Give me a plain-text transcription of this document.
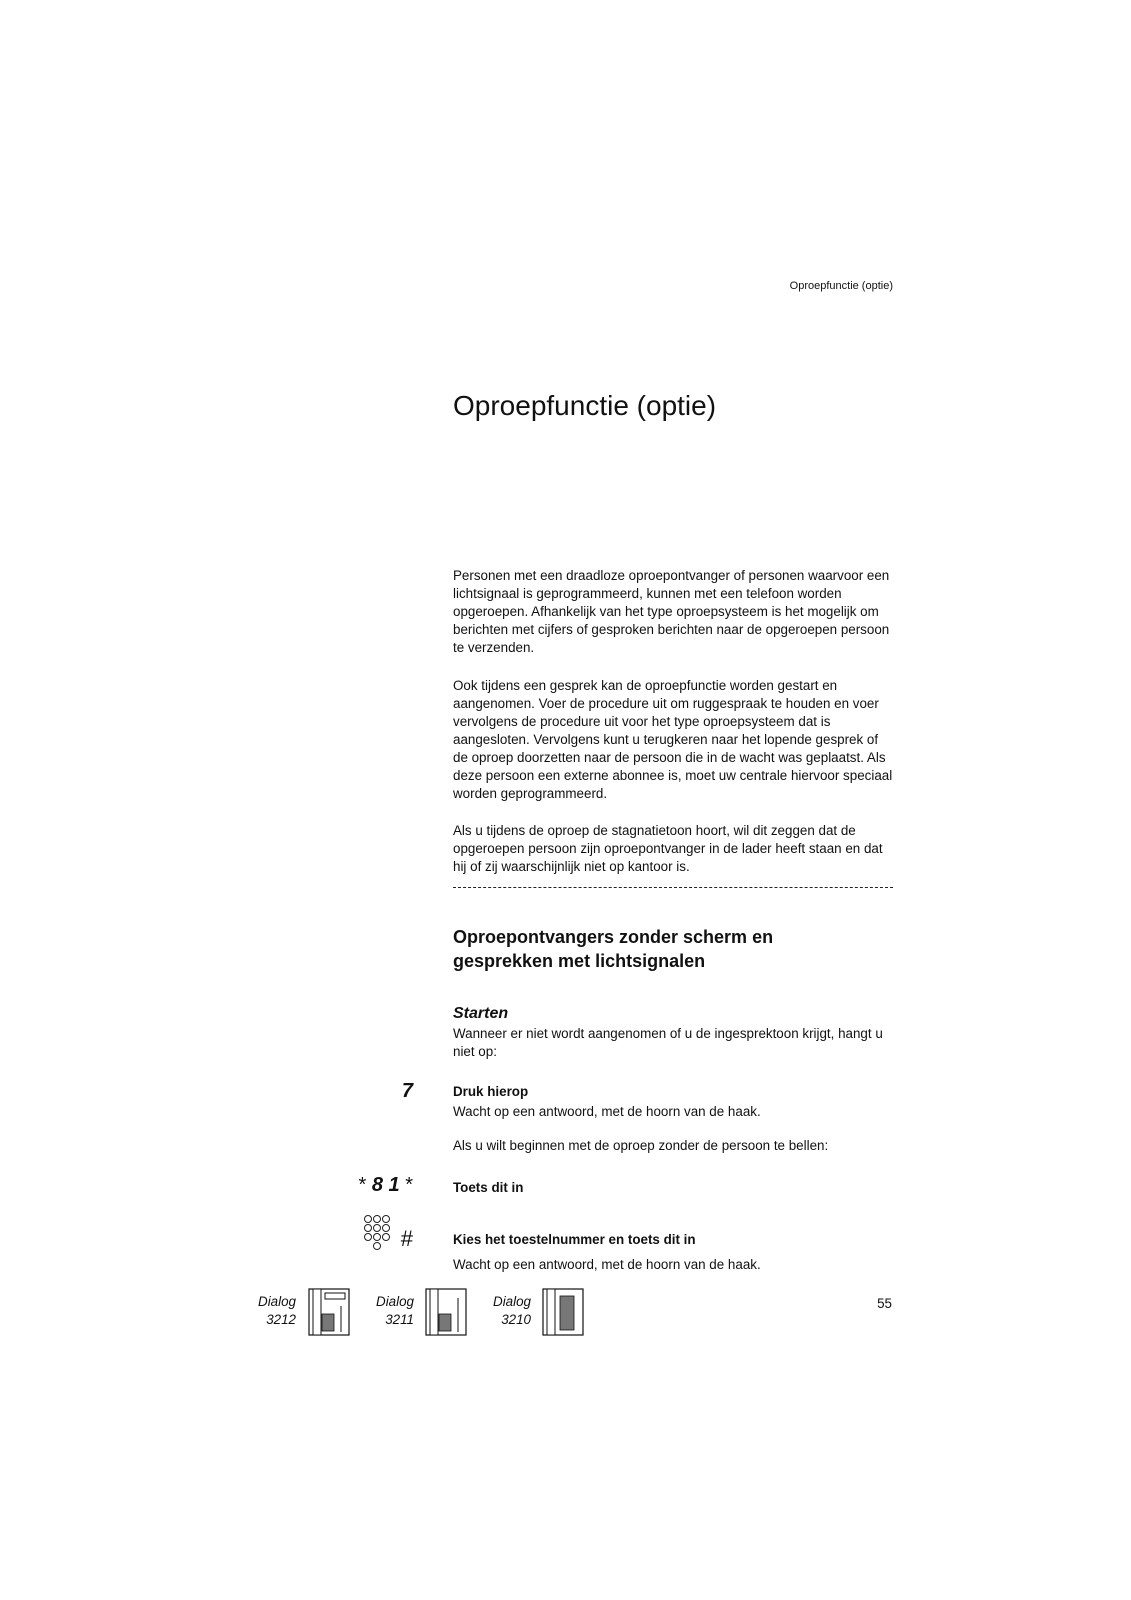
Oproepfunctie (optie)
Oproepfunctie (optie)

Personen met een draadloze oproepontvanger of personen waarvoor een lichtsignaal is geprogrammeerd, kunnen met een telefoon worden opgeroepen. Afhankelijk van het type oproepsysteem is het mogelijk om berichten met cijfers of gesproken berichten naar de opgeroepen persoon te verzenden.

Ook tijdens een gesprek kan de oproepfunctie worden gestart en aangenomen. Voer de procedure uit om ruggespraak te houden en voer vervolgens de procedure uit voor het type oproepsysteem dat is aangesloten. Vervolgens kunt u terugkeren naar het lopende gesprek of de oproep doorzetten naar de persoon die in de wacht was geplaatst. Als deze persoon een externe abonnee is, moet uw centrale hiervoor speciaal worden geprogrammeerd.

Als u tijdens de oproep de stagnatietoon hoort, wil dit zeggen dat de opgeroepen persoon zijn oproepontvanger in de lader heeft staan en dat hij of zij waarschijnlijk niet op kantoor is.

Oproepontvangers zonder scherm en
gesprekken met lichtsignalen
Starten

Wanneer er niet wordt aangenomen of u de ingesprektoon krijgt, hangt u niet op:

7	Druk hierop
Wacht op een antwoord, met de hoorn van de haak.
Als u wilt beginnen met de oproep zonder de persoon te bellen:
* 8 1 *	Toets dit in
#	Kies het toestelnummer en toets dit in
Wacht op een antwoord, met de hoorn van de haak.
Dialog
3212
Dialog
3211
Dialog
3210
55
